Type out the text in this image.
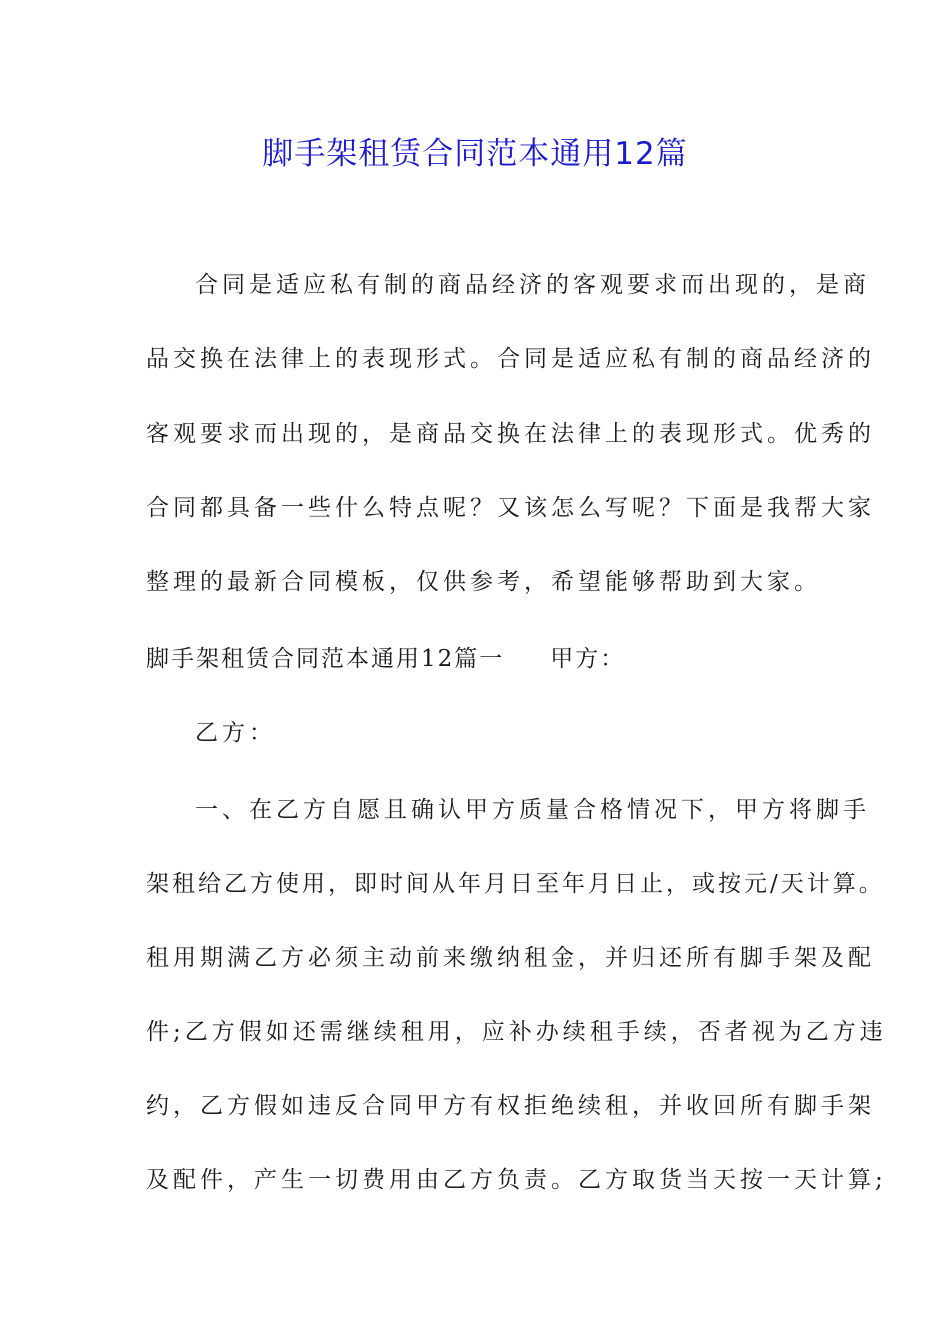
脚手架租赁合同范本通用12篇
合同是适应私有制的商品经济的客观要求而出现的，是商
品交换在法律上的表现形式。合同是适应私有制的商品经济的
客观要求而出现的，是商品交换在法律上的表现形式。优秀的
合同都具备一些什么特点呢？又该怎么写呢？下面是我帮大家
整理的最新合同模板，仅供参考，希望能够帮助到大家。
脚手架租赁合同范本通用12篇一 甲方：
乙方：
一、在乙方自愿且确认甲方质量合格情况下，甲方将脚手
架租给乙方使用，即时间从年月日至年月日止，或按元/天计算。
租用期满乙方必须主动前来缴纳租金，并归还所有脚手架及配
件;乙方假如还需继续租用，应补办续租手续，否者视为乙方违
约，乙方假如违反合同甲方有权拒绝续租，并收回所有脚手架
及配件，产生一切费用由乙方负责。乙方取货当天按一天计算;
